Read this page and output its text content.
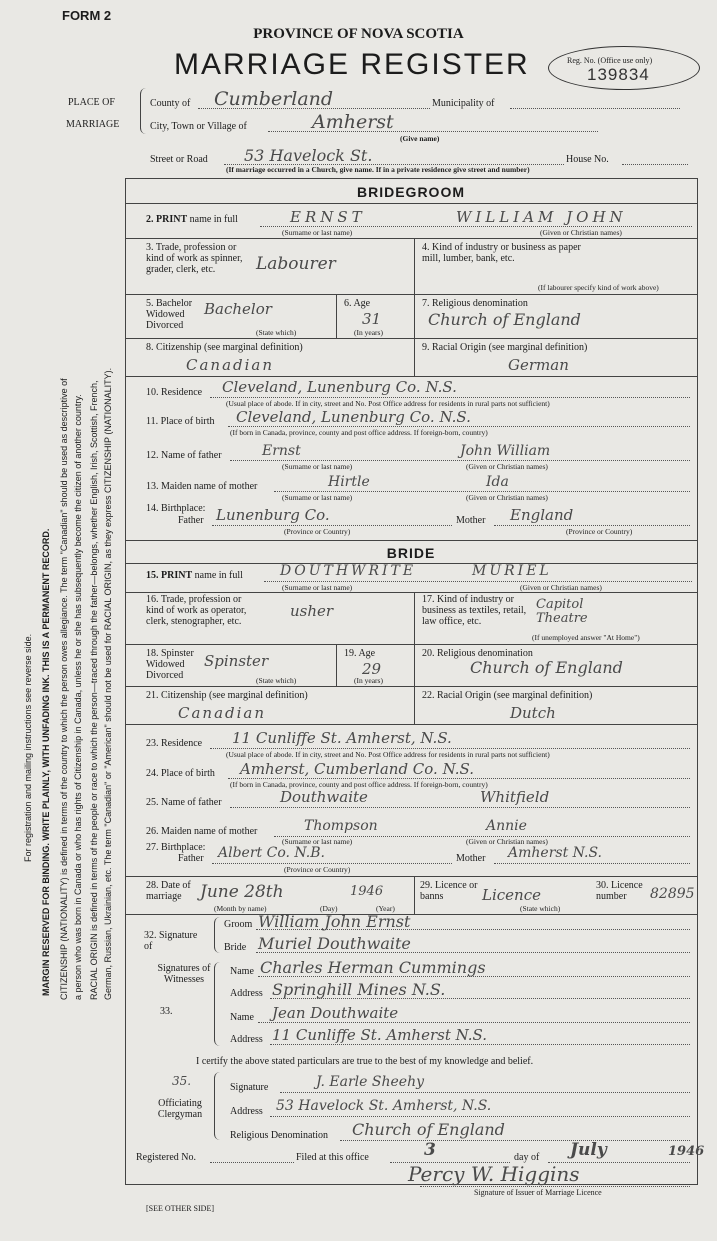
FORM 2
PROVINCE OF NOVA SCOTIA
MARRIAGE REGISTER	Reg. No. (Office use only)
139834
PLACE OF
MARRIAGE
County of Cumberland	Municipality of
City, Town or Village of	Amherst
(Give name)
Street or Road 53 Havelock St.	House No.
(If marriage occurred in a Church, give name. If in a private residence give street and number)
For registration and mailing instructions see reverse side. MARGIN RESERVED FOR BINDING. WRITE PLAINLY, WITH UNFADING INK. THIS IS A PERMANENT RECORD. CITIZENSHIP (NATIONALITY) is defined in terms of the country to which the person owes allegiance. The term "Canadian" should be used as descriptive of a person who was born in Canada or who has rights of Citizenship in Canada, unless he or she has subsequently become the citizen of another country. RACIAL ORIGIN is defined in terms of the people or race to which the person—traced through the father—belongs, whether English, Irish, Scottish, French, German, Russian, Ukrainian, etc. The term "Canadian" or "American" should not be used for RACIAL ORIGIN, as they express CITIZENSHIP (NATIONALITY).
BRIDEGROOM
2. PRINT name in full	ERNST	WILLIAM JOHN
(Surname or last name)	(Given or Christian names)
3. Trade, profession or kind of work as spinner, grader, clerk, etc.	Labourer
4. Kind of industry or business as paper mill, lumber, bank, etc.
(If labourer specify kind of work above)
5. Bachelor Widowed Divorced
Bachelor
(State which)
6. Age
31
(In years)
7. Religious denomination
Church of England
8. Citizenship (see marginal definition)
Canadian
9. Racial Origin (see marginal definition)
German
10. Residence Cleveland, Lunenburg Co. N.S.
(Usual place of abode. If in city, street and No. Post Office address for residents in rural parts not sufficient)
11. Place of birth Cleveland, Lunenburg Co. N.S.
(If born in Canada, province, county and post office address. If foreign-born, country)
12. Name of father	Ernst	John William
(Surname or last name)	(Given or Christian names)
13. Maiden name of mother	Hirtle	Ida
(Surname or last name)	(Given or Christian names)
14. Birthplace:
Father Lunenburg Co.	Mother England
(Province or Country)	(Province or Country)
BRIDE
15. PRINT name in full	DOUTHWRITE	MURIEL
(Surname or last name)	(Given or Christian names)
16. Trade, profession or kind of work as operator, clerk, stenographer, etc.
usher
17. Kind of industry or business as textiles, retail, law office, etc.
Capitol Theatre
(If unemployed answer "At Home")
18. Spinster Widowed Divorced
Spinster
(State which)
19. Age
29
(In years)
20. Religious denomination
Church of England
21. Citizenship (see marginal definition)
Canadian
22. Racial Origin (see marginal definition)
Dutch
23. Residence 11 Cunliffe St. Amherst, N.S.
(Usual place of abode. If in city, street and No. Post Office address for residents in rural parts not sufficient)
24. Place of birth Amherst, Cumberland Co. N.S.
(If born in Canada, province, county and post office address. If foreign-born, country)
25. Name of father	Douthwaite	Whitfield
26. Maiden name of mother	Thompson	Annie
(Surname or last name)	(Given or Christian names)
27. Birthplace:
Father Albert Co. N.B.	Mother Amherst N.S.
(Province or Country)
28. Date of marriage	June 28th	1946
(Month by name)	(Day)	(Year)
29. Licence or banns	Licence
(State which)
30. Licence number	82895
32. Signature of
Groom William John Ernst
Bride Muriel Douthwaite
33.
Signatures of Witnesses
Name Charles Herman Cummings
Address Springhill Mines N.S.
Name Jean Douthwaite
Address 11 Cunliffe St. Amherst N.S.
I certify the above stated particulars are true to the best of my knowledge and belief.
35.
Officiating Clergyman
Signature	J. Earle Sheehy
Address 53 Havelock St. Amherst, N.S.
Religious Denomination Church of England
Registered No.	Filed at this office	3	day of July	1946
Percy W. Higgins
Signature of Issuer of Marriage Licence
[SEE OTHER SIDE]
